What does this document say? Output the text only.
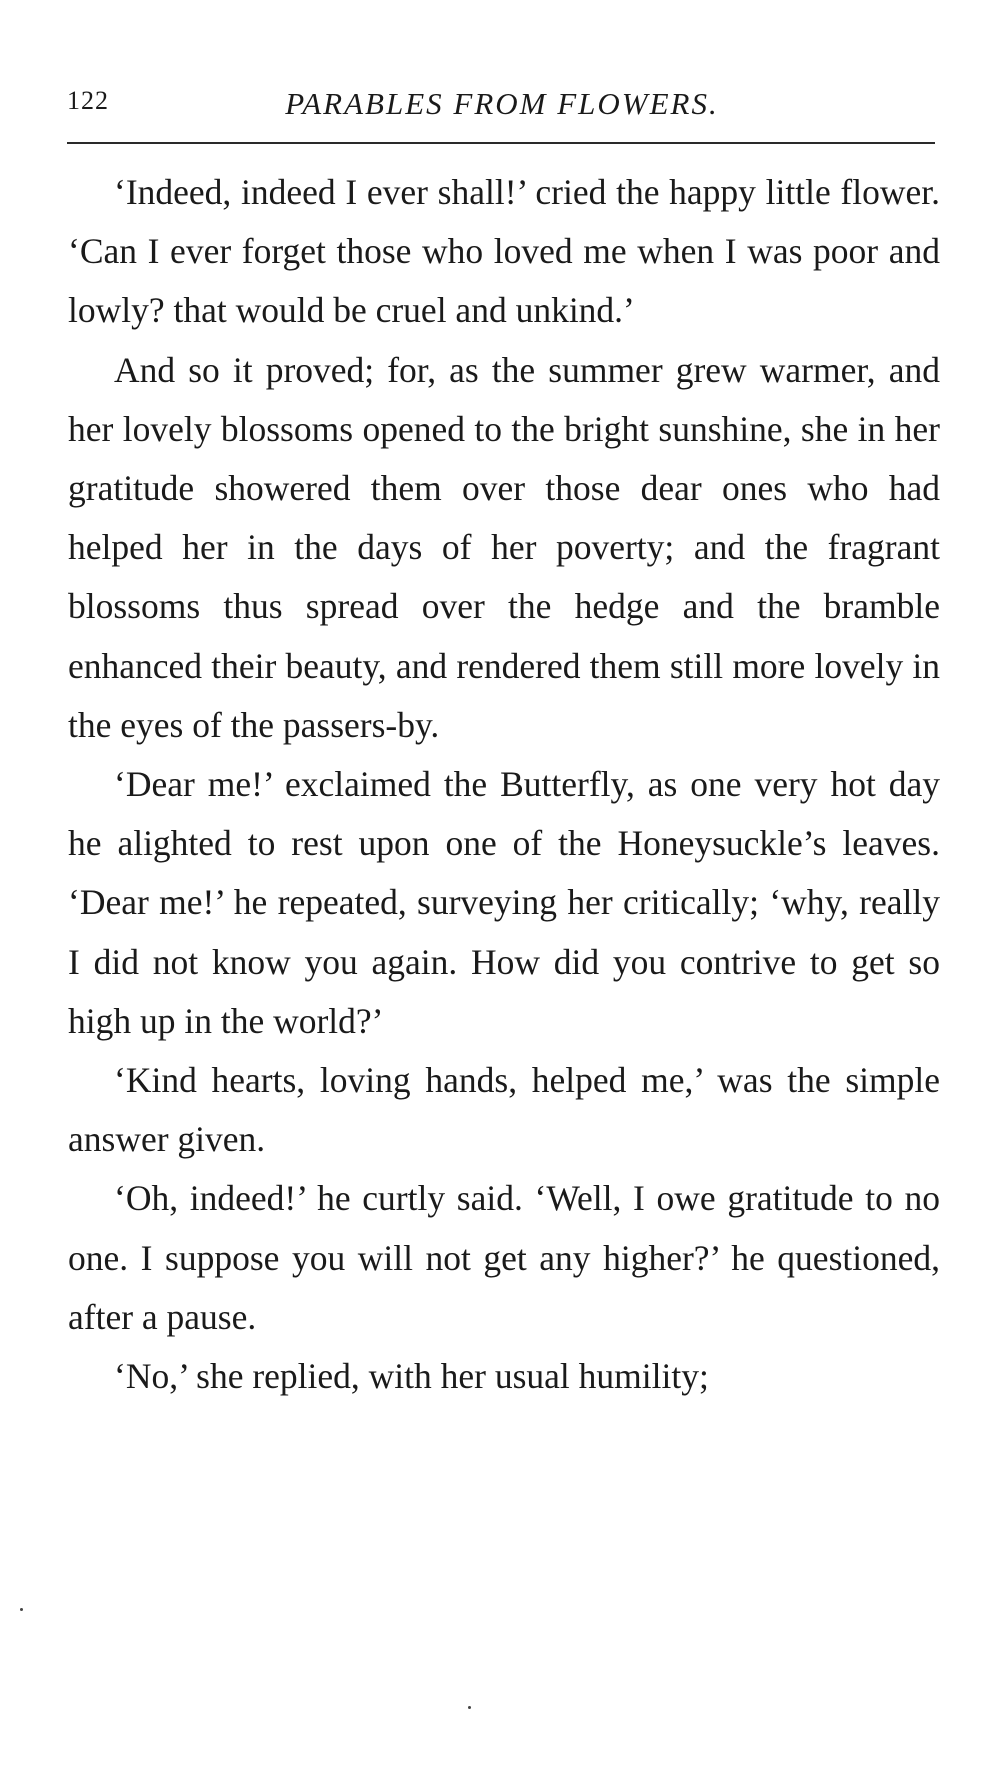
122	PARABLES FROM FLOWERS.

‘Indeed, indeed I ever shall!’ cried the happy little flower. ‘Can I ever forget those who loved me when I was poor and lowly? that would be cruel and unkind.’

And so it proved; for, as the summer grew warmer, and her lovely blossoms opened to the bright sunshine, she in her gratitude showered them over those dear ones who had helped her in the days of her poverty; and the fragrant blossoms thus spread over the hedge and the bramble enhanced their beauty, and rendered them still more lovely in the eyes of the passers-by.

‘Dear me!’ exclaimed the Butterfly, as one very hot day he alighted to rest upon one of the Honeysuckle’s leaves. ‘Dear me!’ he repeated, surveying her critically; ‘why, really I did not know you again. How did you contrive to get so high up in the world?’

‘Kind hearts, loving hands, helped me,’ was the simple answer given.

‘Oh, indeed!’ he curtly said. ‘Well, I owe gratitude to no one. I suppose you will not get any higher?’ he questioned, after a pause.

‘No,’ she replied, with her usual humility;
